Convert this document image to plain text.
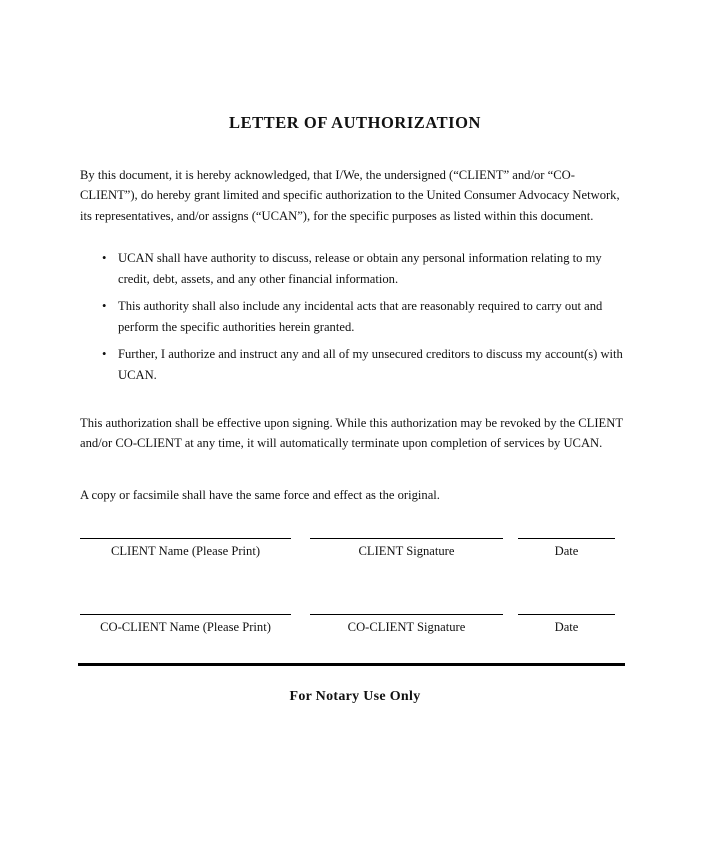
LETTER OF AUTHORIZATION

By this document, it is hereby acknowledged, that I/We, the undersigned (“CLIENT” and/or “CO-CLIENT”), do hereby grant limited and specific authorization to the United Consumer Advocacy Network, its representatives, and/or assigns (“UCAN”), for the specific purposes as listed within this document.

• UCAN shall have authority to discuss, release or obtain any personal information relating to my credit, debt, assets, and any other financial information.
• This authority shall also include any incidental acts that are reasonably required to carry out and perform the specific authorities herein granted.
• Further, I authorize and instruct any and all of my unsecured creditors to discuss my account(s) with UCAN.

This authorization shall be effective upon signing. While this authorization may be revoked by the CLIENT and/or CO-CLIENT at any time, it will automatically terminate upon completion of services by UCAN.

A copy or facsimile shall have the same force and effect as the original.

CLIENT Name (Please Print)	CLIENT Signature	Date
CO-CLIENT Name (Please Print)	CO-CLIENT Signature	Date
For Notary Use Only
